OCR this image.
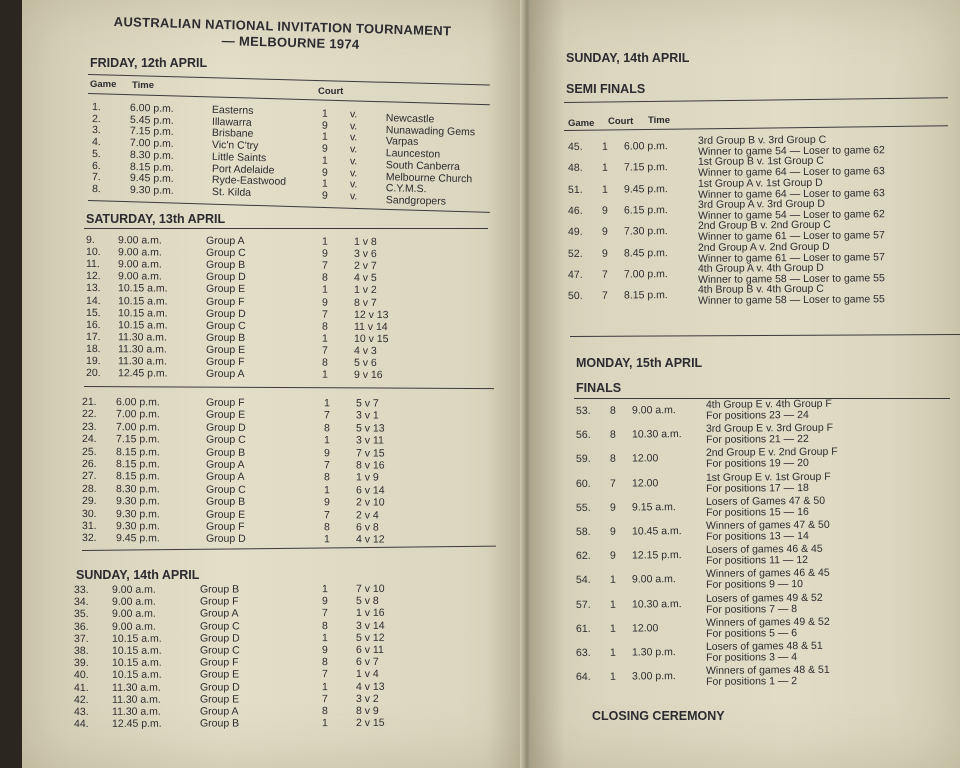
AUSTRALIAN NATIONAL INVITATION TOURNAMENT
— MELBOURNE 1974
FRIDAY, 12th APRIL
Game Time
Court
SATURDAY, 13th APRIL
SUNDAY, 14th APRIL
1.	6.00 p.m.	Easterns	1 v.	Newcastle
2.	5.45 p.m.	Illawarra	9 v.	Nunawading Gems
3.	7.15 p.m.	Brisbane	1 v.	Varpas
4.	7.00 p.m.	Vic'n C'try	9 v.	Launceston
5.	8.30 p.m.	Little Saints	1 v.	South Canberra
6.	8.15 p.m.	Port Adelaide	9 v.	Melbourne Church
7.	9.45 p.m.	Ryde-Eastwood	1 v.	C.Y.M.S.
8.	9.30 p.m.	St. Kilda	9 v.	Sandgropers
9. 9.00 a.m.	Group A	1 1 v 8
10. 9.00 a.m.	Group C	9 3 v 6
11. 9.00 a.m.	Group B	7 2 v 7
12. 9.00 a.m.	Group D	8 4 v 5
13. 10.15 a.m.	Group E	1 1 v 2
14. 10.15 a.m.	Group F	9 8 v 7
15. 10.15 a.m.	Group D	7 12 v 13
16. 10.15 a.m.	Group C	8 11 v 14
17. 11.30 a.m.	Group B	1 10 v 15
18. 11.30 a.m.	Group E	7 4 v 3
19. 11.30 a.m.	Group F	8 5 v 6
20. 12.45 p.m.	Group A	1 9 v 16
21. 6.00 p.m.	Group F	1 5 v 7
22. 7.00 p.m.	Group E	7 3 v 1
23. 7.00 p.m.	Group D	8 5 v 13
24. 7.15 p.m.	Group C	1 3 v 11
25. 8.15 p.m.	Group B	9 7 v 15
26. 8.15 p.m.	Group A	7 8 v 16
27. 8.15 p.m.	Group A	8 1 v 9
28. 8.30 p.m.	Group C	1 6 v 14
29. 9.30 p.m.	Group B	9 2 v 10
30. 9.30 p.m.	Group E	7 2 v 4
31. 9.30 p.m.	Group F	8 6 v 8
32. 9.45 p.m.	Group D	1 4 v 12
33. 9.00 a.m.	Group B	1	7 v 10
34. 9.00 a.m.	Group F	9	5 v 8
35. 9.00 a.m.	Group A	7	1 v 16
36. 9.00 a.m.	Group C	8	3 v 14
37. 10.15 a.m.	Group D	1	5 v 12
38. 10.15 a.m.	Group C	9	6 v 11
39. 10.15 a.m.	Group F	8	6 v 7
40. 10.15 a.m.	Group E	7	1 v 4
41. 11.30 a.m.	Group D	1	4 v 13
42. 11.30 a.m.	Group E	7	3 v 2
43. 11.30 a.m.	Group A	8	8 v 9
44. 12.45 p.m.	Group B	1	2 v 15
SUNDAY, 14th APRIL
SEMI FINALS
Game Court Time
MONDAY, 15th APRIL
FINALS
CLOSING CEREMONY
45. 1 6.00 p.m.	3rd Group B v. 3rd Group C
Winner to game 54 — Loser to game 62
48. 1 7.15 p.m.	1st Group B v. 1st Group C
Winner to game 64 — Loser to game 63
51. 1 9.45 p.m.	1st Group A v. 1st Group D
Winner to game 64 — Loser to game 63
46. 9 6.15 p.m.	3rd Group A v. 3rd Group D
Winner to game 54 — Loser to game 62
49. 9 7.30 p.m.	2nd Group B v. 2nd Group C
Winner to game 61 — Loser to game 57
52. 9 8.45 p.m.	2nd Group A v. 2nd Group D
Winner to game 61 — Loser to game 57
47. 7 7.00 p.m.	4th Group A v. 4th Group D
Winner to game 58 — Loser to game 55
50. 7 8.15 p.m.	4th Broup B v. 4th Group C
Winner to game 58 — Loser to game 55
53. 8 9.00 a.m.	4th Group E v. 4th Group F
For positions 23 — 24
56. 8 10.30 a.m. 3rd Group E v. 3rd Group F
For positions 21 — 22
59. 8 12.00	2nd Group E v. 2nd Group F
For positions 19 — 20
60. 7 12.00	1st Group E v. 1st Group F
For positions 17 — 18
55. 9 9.15 a.m.	Losers of Games 47 & 50
For positions 15 — 16
58. 9 10.45 a.m. Winners of games 47 & 50
For positions 13 — 14
62. 9 12.15 p.m. Losers of games 46 & 45
For positions 11 — 12
54. 1 9.00 a.m.	Winners of games 46 & 45
For positions 9 — 10
57. 1 10.30 a.m. Losers of games 49 & 52
For positions 7 — 8
61. 1 12.00	Winners of games 49 & 52
For positions 5 — 6
63. 1 1.30 p.m.	Losers of games 48 & 51
For positions 3 — 4
64. 1 3.00 p.m.	Winners of games 48 & 51
For positions 1 — 2
